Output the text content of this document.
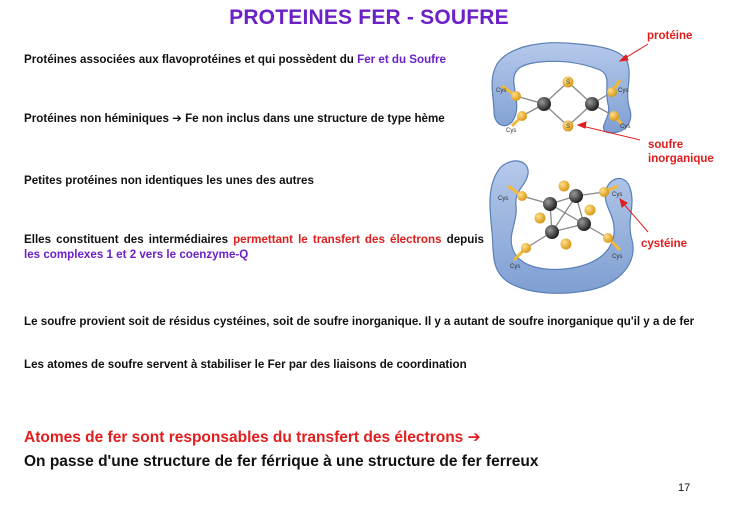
PROTEINES FER - SOUFRE
Protéines associées aux flavoprotéines et qui possèdent du Fer et du Soufre
Protéines non héminiques ➔ Fe non inclus dans une structure de type hème
Petites protéines non identiques les unes des autres
Elles constituent des intermédiaires permettant le transfert des électrons depuis les complexes 1 et 2 vers le coenzyme-Q
Le soufre provient soit de résidus cystéines, soit de soufre inorganique. Il y a autant de soufre inorganique qu'il y a de fer
Les atomes de soufre servent à stabiliser le Fer par des liaisons de coordination
Atomes de fer sont responsables du transfert des électrons ➔
On passe d'une structure de fer férrique à une structure de fer ferreux
17
Cys
Cys
Cys
Cys
S
S
Cys
Cys
Cys
Cys
protéine
soufre
inorganique
cystéine
